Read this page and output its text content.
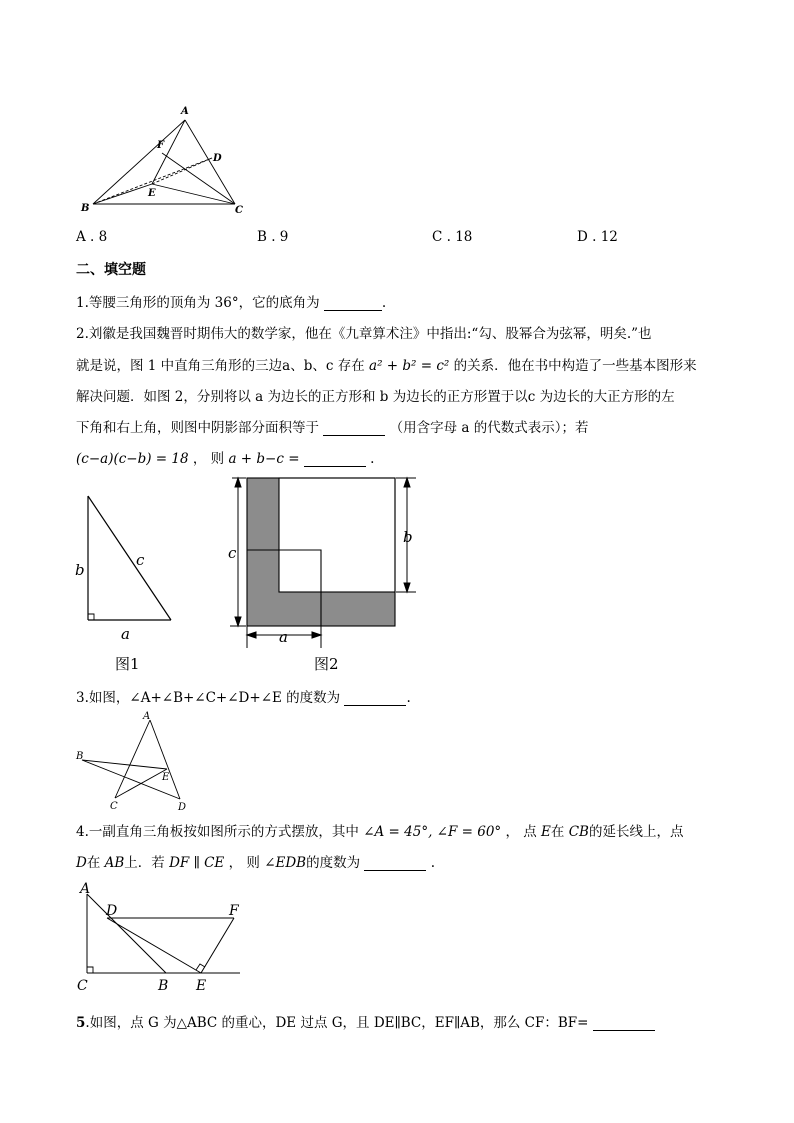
A
F
D
E
B	C
A . 8	B . 9	C . 18	D . 12
二、填空题
1.等腰三角形的顶角为 36°，它的底角为	.
2.刘徽是我国魏晋时期伟大的数学家，他在《九章算术注》中指出:“勾、股幂合为弦幂，明矣.”也
就是说，图 1 中直角三角形的三边a、b、c 存在 a² + b² = c² 的关系．他在书中构造了一些基本图形来
解决问题．如图 2，分别将以 a 为边长的正方形和 b 为边长的正方形置于以c 为边长的大正方形的左
下角和右上角，则图中阴影部分面积等于	（用含字母 a 的代数式表示）；若
(c−a)(c−b) = 18 ， 则 a + b−c =	.
b
c
a
图1
c
b
a
图2
3.如图，∠A+∠B+∠C+∠D+∠E 的度数为	.
A
B
E
C	D
4.一副直角三角板按如图所示的方式摆放，其中 ∠A = 45°, ∠F = 60° ， 点 E在 CB的延长线上，点
D在 AB上．若 DF ∥ CE ， 则 ∠EDB的度数为	.
A
D	F
C	B E
5.如图，点 G 为△ABC 的重心，DE 过点 G，且 DE∥BC，EF∥AB，那么 CF：BF=
